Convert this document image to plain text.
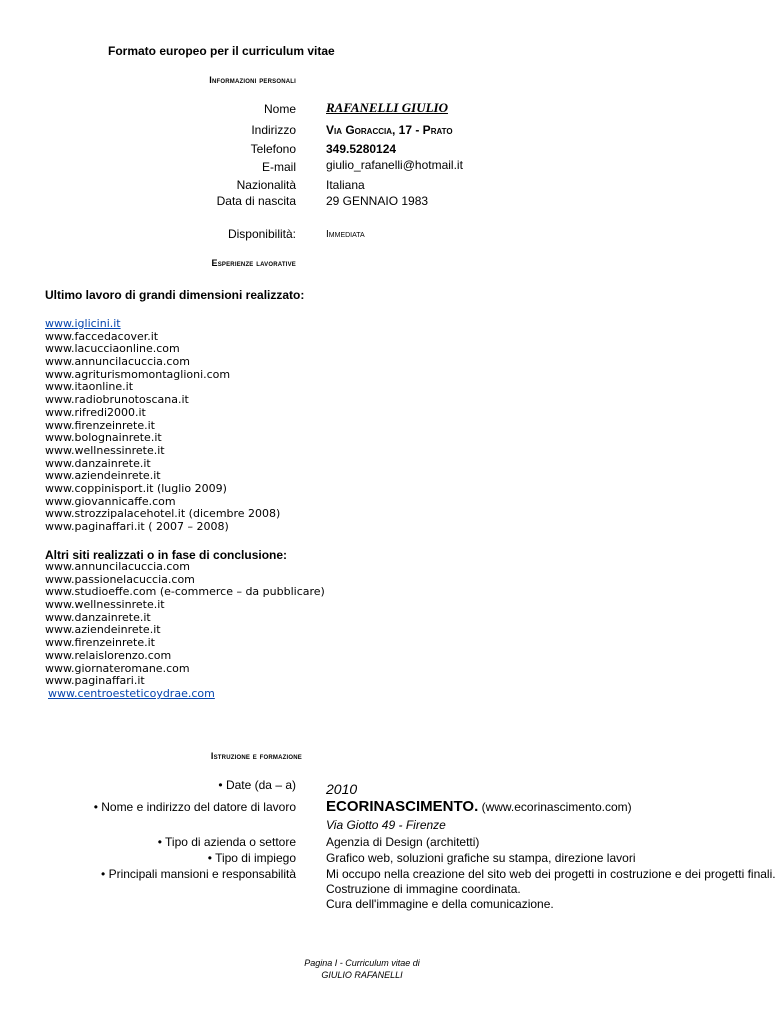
Formato europeo per il curriculum vitae
Informazioni personali
Nome RAFANELLI GIULIO
Indirizzo	Via Goraccia, 17 - Prato
Telefono	349.5280124
E-mail	giulio_rafanelli@hotmail.it
Nazionalità	Italiana
Data di nascita	29 GENNAIO 1983
Disponibilità:	Immediata
Esperienze lavorative
Ultimo lavoro di grandi dimensioni realizzato:
www.iglicini.it
www.faccedacover.it
www.lacucciaonline.com
www.annuncilacuccia.com
www.agriturismomontaglioni.com
www.itaonline.it
www.radiobrunotoscana.it
www.rifredi2000.it
www.firenzeinrete.it
www.bolognainrete.it
www.wellnessinrete.it
www.danzainrete.it
www.aziendeinrete.it
www.coppinisport.it (luglio 2009)
www.giovannicaffe.com
www.strozzipalacehotel.it (dicembre 2008)
www.paginaffari.it ( 2007 – 2008)
Altri siti realizzati o in fase di conclusione:
www.annuncilacuccia.com
www.passionelacuccia.com
www.studioeffe.com (e-commerce – da pubblicare)
www.wellnessinrete.it
www.danzainrete.it
www.aziendeinrete.it
www.firenzeinrete.it
www.relaislorenzo.com
www.giornateromane.com
www.paginaffari.it
www.centroesteticoydrae.com
Istruzione e formazione
• Date (da – a) 2010
• Nome e indirizzo del datore di lavoro ECORINASCIMENTO. (www.ecorinascimento.com)
Via Giotto 49 - Firenze
• Tipo di azienda o settore	Agenzia di Design (architetti)
• Tipo di impiego	Grafico web, soluzioni grafiche su stampa, direzione lavori
• Principali mansioni e responsabilità	Mi occupo nella creazione del sito web dei progetti in costruzione e dei progetti finali.
Costruzione di immagine coordinata.
Cura dell'immagine e della comunicazione.
Pagina I - Curriculum vitae di
GIULIO RAFANELLI
